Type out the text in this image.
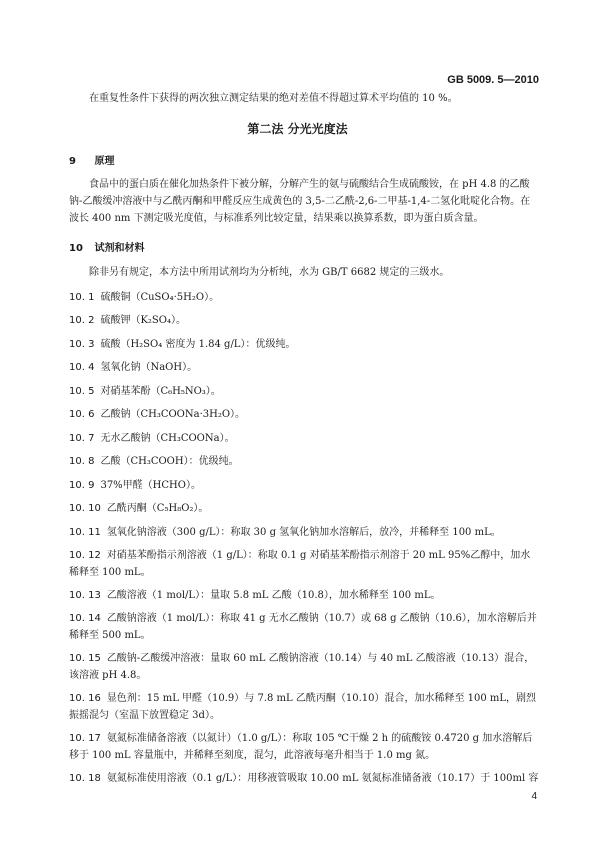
GB 5009. 5—2010
在重复性条件下获得的两次独立测定结果的绝对差值不得超过算术平均值的 10 %。
第二法 分光光度法
9 原理
食品中的蛋白质在催化加热条件下被分解，分解产生的氨与硫酸结合生成硫酸铵，在 pH 4.8 的乙酸钠-乙酸缓冲溶液中与乙酰丙酮和甲醛反应生成黄色的 3,5-二乙酰-2,6-二甲基-1,4-二氢化吡啶化合物。在波长 400 nm 下测定吸光度值，与标准系列比较定量，结果乘以换算系数，即为蛋白质含量。
10 试剂和材料
除非另有规定，本方法中所用试剂均为分析纯，水为 GB/T 6682 规定的三级水。
10. 1 硫酸铜（CuSO₄·5H₂O）。
10. 2 硫酸钾（K₂SO₄）。
10. 3 硫酸（H₂SO₄ 密度为 1.84 g/L）：优级纯。
10. 4 氢氧化钠（NaOH）。
10. 5 对硝基苯酚（C₆H₅NO₃）。
10. 6 乙酸钠（CH₃COONa·3H₂O）。
10. 7 无水乙酸钠（CH₃COONa）。
10. 8 乙酸（CH₃COOH）：优级纯。
10. 9 37%甲醛（HCHO）。
10. 10 乙酰丙酮（C₅H₈O₂）。
10. 11 氢氧化钠溶液（300 g/L）：称取 30 g 氢氧化钠加水溶解后，放冷，并稀释至 100 mL。
10. 12 对硝基苯酚指示剂溶液（1 g/L）：称取 0.1 g 对硝基苯酚指示剂溶于 20 mL 95%乙醇中，加水稀释至 100 mL。
10. 13 乙酸溶液（1 mol/L）：量取 5.8 mL 乙酸（10.8），加水稀释至 100 mL。
10. 14 乙酸钠溶液（1 mol/L）：称取 41 g 无水乙酸钠（10.7）或 68 g 乙酸钠（10.6），加水溶解后并稀释至 500 mL。
10. 15 乙酸钠-乙酸缓冲溶液：量取 60 mL 乙酸钠溶液（10.14）与 40 mL 乙酸溶液（10.13）混合，该溶液 pH 4.8。
10. 16 显色剂：15 mL 甲醛（10.9）与 7.8 mL 乙酰丙酮（10.10）混合，加水稀释至 100 mL，剧烈振摇混匀（室温下放置稳定 3d）。
10. 17 氨氮标准储备溶液（以氮计）（1.0 g/L）：称取 105 ℃干燥 2 h 的硫酸铵 0.4720 g 加水溶解后移于 100 mL 容量瓶中，并稀释至刻度，混匀，此溶液每毫升相当于 1.0 mg 氮。
10. 18 氨氮标准使用溶液（0.1 g/L）：用移液管吸取 10.00 mL 氨氮标准储备液（10.17）于 100ml 容
4
